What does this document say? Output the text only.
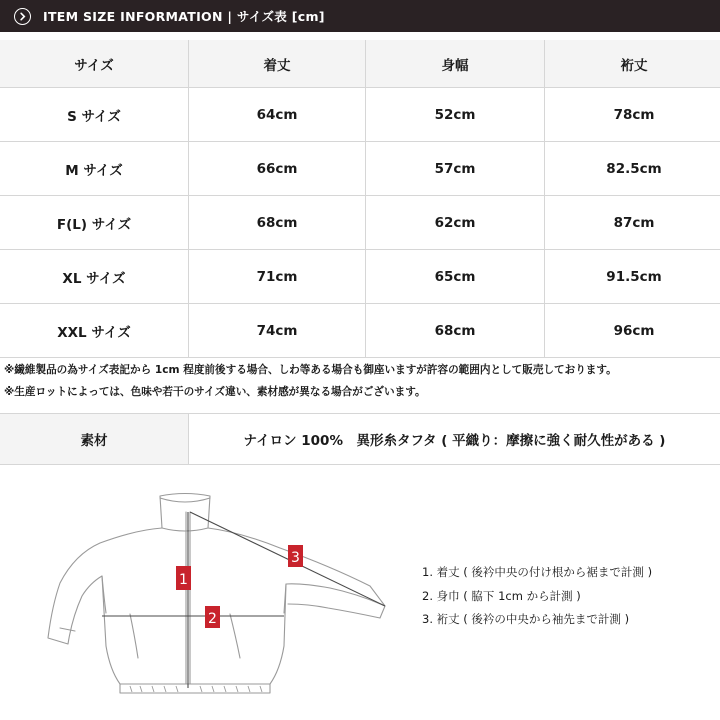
ITEM SIZE INFORMATION | サイズ表 [cm]
サイズ	着丈	身幅	裄丈
S サイズ	64cm	52cm	78cm
M サイズ	66cm	57cm	82.5cm
F(L) サイズ	68cm	62cm	87cm
XL サイズ	71cm	65cm	91.5cm
XXL サイズ	74cm	68cm	96cm
※繊維製品の為サイズ表記から 1cm 程度前後する場合、しわ等ある場合も御座いますが許容の範囲内として販売しております。
※生産ロットによっては、色味や若干のサイズ違い、素材感が異なる場合がございます。
素材	ナイロン 100%　異形糸タフタ ( 平織り：摩擦に強く耐久性がある )
1
2
3
1. 着丈 ( 後衿中央の付け根から裾まで計測 )
2. 身巾 ( 脇下 1cm から計測 )
3. 裄丈 ( 後衿の中央から袖先まで計測 )
